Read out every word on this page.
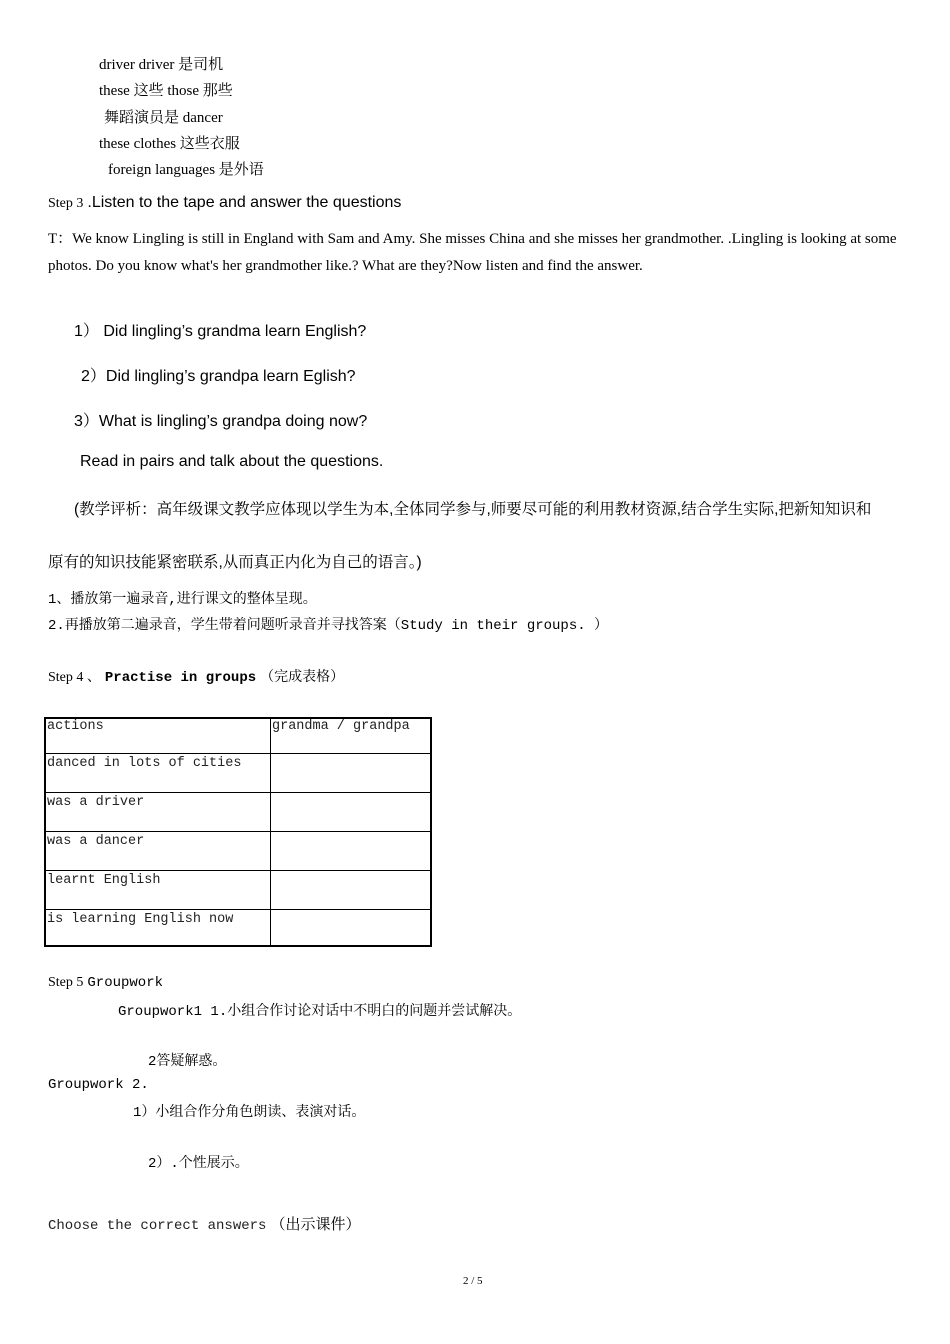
driver driver 是司机
these 这些 those 那些
舞蹈演员是 dancer
these clothes 这些衣服
foreign languages 是外语
Step 3 .Listen to the tape and answer the questions
T：We know Lingling is still in England with Sam and Amy. She misses China and she misses her grandmother. .Lingling is looking at some photos. Do you know what's her grandmother like.? What are they?Now listen and find the answer.
1） Did lingling’s grandma learn English?
2）Did lingling’s grandpa learn Eglish?
3）What is lingling’s grandpa doing now?
Read in pairs and talk about the questions.
(教学评析：高年级课文教学应体现以学生为本,全体同学参与,师要尽可能的利用教材资源,结合学生实际,把新知知识和
原有的知识技能紧密联系,从而真正内化为自己的语言。)
1、播放第一遍录音,进行课文的整体呈现。
2.再播放第二遍录音，学生带着问题听录音并寻找答案（Study in their groups. ）
Step 4 、 Practise in groups （完成表格）
actions	grandma / grandpa
danced in lots of cities	
was a driver	
was a dancer	
learnt English	
is learning English now	
Step 5 Groupwork
Groupwork1 1.小组合作讨论对话中不明白的问题并尝试解决。
2答疑解惑。
Groupwork 2.
1）小组合作分角色朗读、表演对话。
2）.个性展示。
Choose the correct answers （出示课件）
2 / 5
